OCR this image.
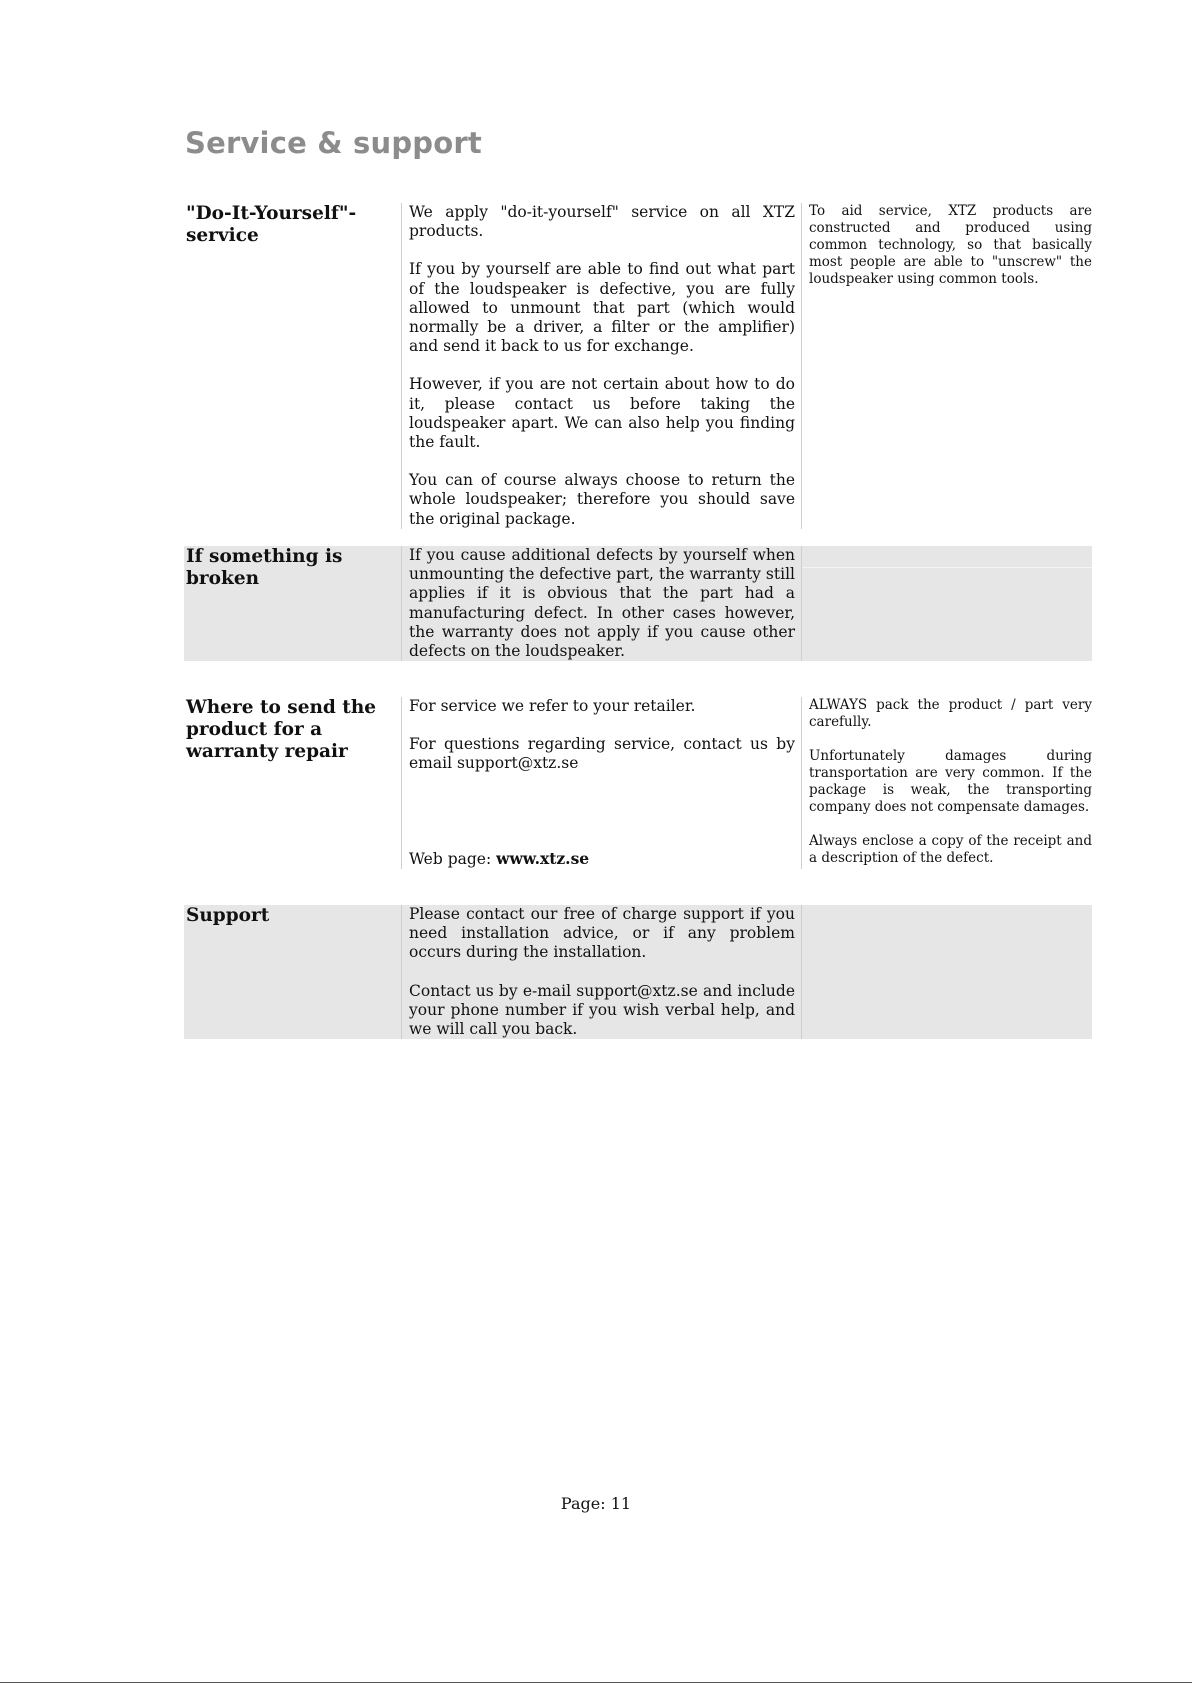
Service & support
"Do-It-Yourself"-service

We apply "do-it-yourself" service on all XTZ products.

If you by yourself are able to find out what part of the loudspeaker is defective, you are fully allowed to unmount that part (which would normally be a driver, a filter or the amplifier) and send it back to us for exchange.

However, if you are not certain about how to do it, please contact us before taking the loudspeaker apart. We can also help you finding the fault.

You can of course always choose to return the whole loudspeaker; therefore you should save the original package.

To aid service, XTZ products are constructed and produced using common technology, so that basically most people are able to "unscrew" the loudspeaker using common tools.

If something is broken

If you cause additional defects by yourself when unmounting the defective part, the warranty still applies if it is obvious that the part had a manufacturing defect. In other cases however, the warranty does not apply if you cause other defects on the loudspeaker.

Where to send the product for a warranty repair

For service we refer to your retailer.

For questions regarding service, contact us by email support@xtz.se

Web page: www.xtz.se

ALWAYS pack the product / part very carefully.

Unfortunately damages during transportation are very common. If the package is weak, the transporting company does not compensate damages.

Always enclose a copy of the receipt and a description of the defect.

Support	Please contact our free of charge support if you need installation advice, or if any problem occurs during the installation.

Contact us by e-mail support@xtz.se and include your phone number if you wish verbal help, and we will call you back.

Page: 11
